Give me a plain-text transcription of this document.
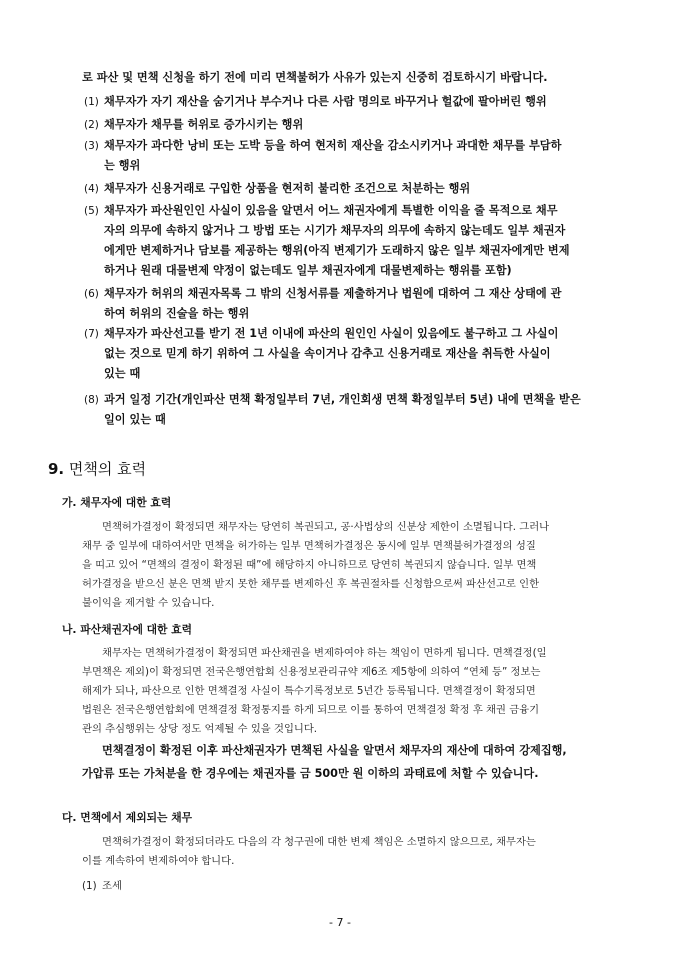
로 파산 및 면책 신청을 하기 전에 미리 면책불허가 사유가 있는지 신중히 검토하시기 바랍니다.
(1) 채무자가 자기 재산을 숨기거나 부수거나 다른 사람 명의로 바꾸거나 헐값에 팔아버린 행위
(2) 채무자가 채무를 허위로 증가시키는 행위
(3) 채무자가 과다한 낭비 또는 도박 등을 하여 현저히 재산을 감소시키거나 과대한 채무를 부담하
는 행위
(4) 채무자가 신용거래로 구입한 상품을 현저히 불리한 조건으로 처분하는 행위
(5) 채무자가 파산원인인 사실이 있음을 알면서 어느 채권자에게 특별한 이익을 줄 목적으로 채무
자의 의무에 속하지 않거나 그 방법 또는 시기가 채무자의 의무에 속하지 않는데도 일부 채권자
에게만 변제하거나 담보를 제공하는 행위(아직 변제기가 도래하지 않은 일부 채권자에게만 변제
하거나 원래 대물변제 약정이 없는데도 일부 채권자에게 대물변제하는 행위를 포함)
(6) 채무자가 허위의 채권자목록 그 밖의 신청서류를 제출하거나 법원에 대하여 그 재산 상태에 관
하여 허위의 진술을 하는 행위
(7) 채무자가 파산선고를 받기 전 1년 이내에 파산의 원인인 사실이 있음에도 불구하고 그 사실이
없는 것으로 믿게 하기 위하여 그 사실을 속이거나 감추고 신용거래로 재산을 취득한 사실이
있는 때
(8) 과거 일정 기간(개인파산 면책 확정일부터 7년, 개인회생 면책 확정일부터 5년) 내에 면책을 받은
일이 있는 때
9. 면책의 효력
가. 채무자에 대한 효력
면책허가결정이 확정되면 채무자는 당연히 복권되고, 공·사법상의 신분상 제한이 소멸됩니다. 그러나
채무 중 일부에 대하여서만 면책을 허가하는 일부 면책허가결정은 동시에 일부 면책불허가결정의 성질
을 띠고 있어 “면책의 결정이 확정된 때”에 해당하지 아니하므로 당연히 복권되지 않습니다. 일부 면책
허가결정을 받으신 분은 면책 받지 못한 채무를 변제하신 후 복권절차를 신청함으로써 파산선고로 인한
불이익을 제거할 수 있습니다.
나. 파산채권자에 대한 효력
채무자는 면책허가결정이 확정되면 파산채권을 변제하여야 하는 책임이 면하게 됩니다. 면책결정(일
부면책은 제외)이 확정되면 전국은행연합회 신용정보관리규약 제6조 제5항에 의하여 “연체 등” 정보는
해제가 되나, 파산으로 인한 면책결정 사실이 특수기록정보로 5년간 등록됩니다. 면책결정이 확정되면
법원은 전국은행연합회에 면책결정 확정통지를 하게 되므로 이를 통하여 면책결정 확정 후 채권 금융기
관의 추심행위는 상당 정도 억제될 수 있을 것입니다.
면책결정이 확정된 이후 파산채권자가 면책된 사실을 알면서 채무자의 재산에 대하여 강제집행,
가압류 또는 가처분을 한 경우에는 채권자를 금 500만 원 이하의 과태료에 처할 수 있습니다.
다. 면책에서 제외되는 채무
면책허가결정이 확정되더라도 다음의 각 청구권에 대한 변제 책임은 소멸하지 않으므로, 채무자는
이를 계속하여 변제하여야 합니다.
(1) 조세
- 7 -
